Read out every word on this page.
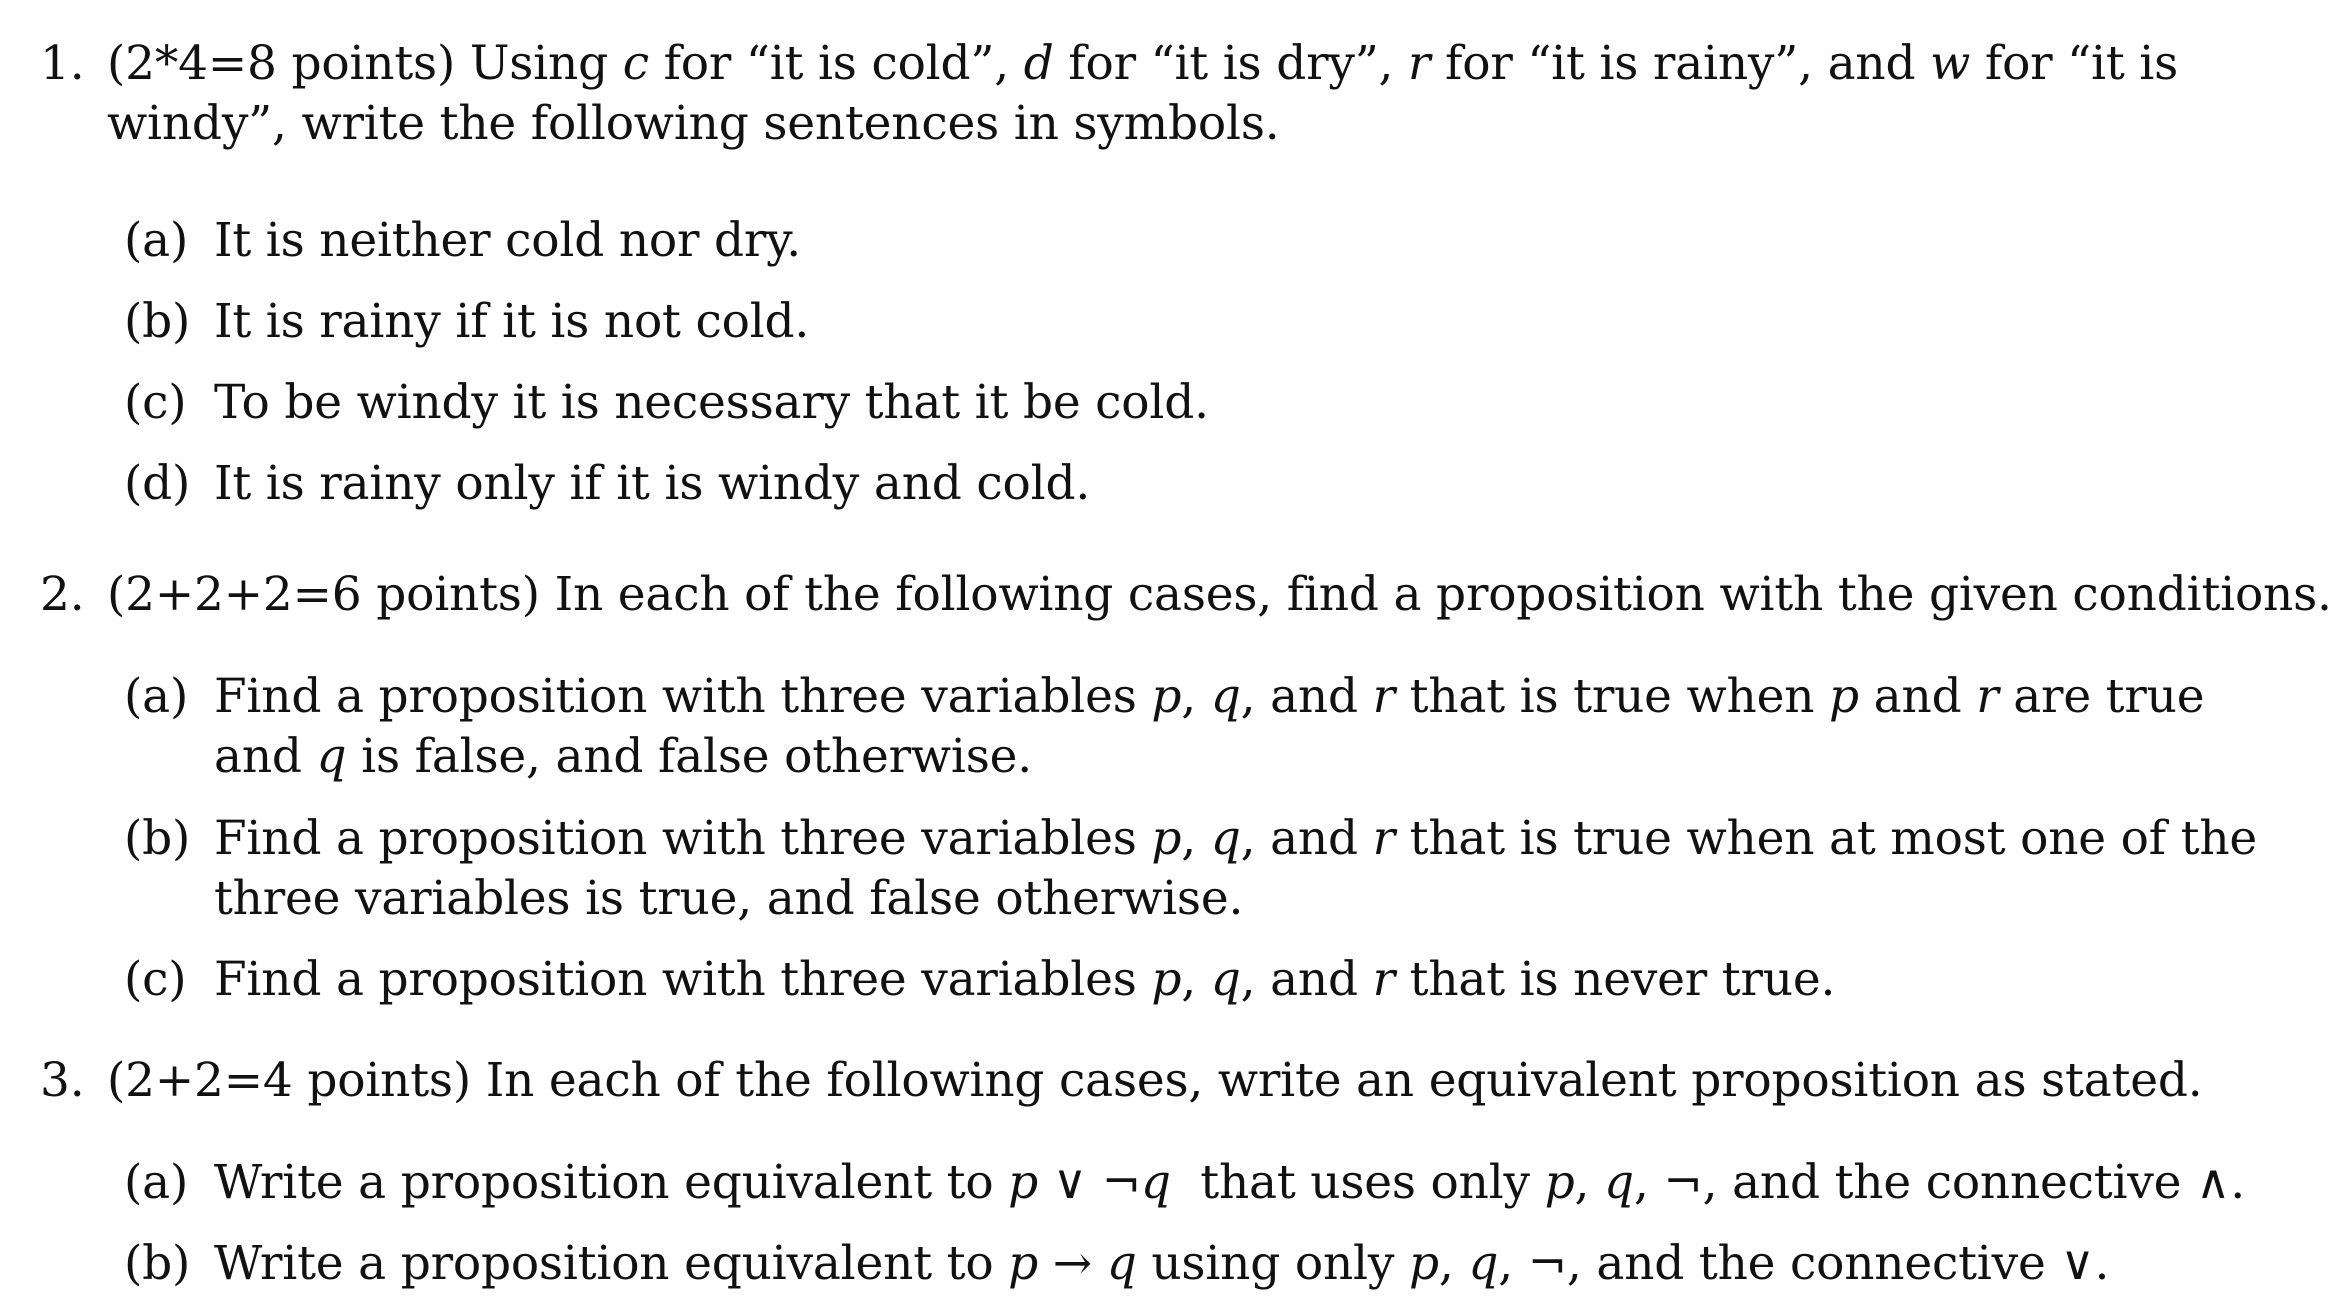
1. (2*4=8 points) Using c for “it is cold”, d for “it is dry”, r for “it is rainy”, and w for “it is
windy”, write the following sentences in symbols.
(a) It is neither cold nor dry.
(b) It is rainy if it is not cold.
(c) To be windy it is necessary that it be cold.
(d) It is rainy only if it is windy and cold.
2. (2+2+2=6 points) In each of the following cases, find a proposition with the given conditions.
(a) Find a proposition with three variables p, q, and r that is true when p and r are true
and q is false, and false otherwise.
(b) Find a proposition with three variables p, q, and r that is true when at most one of the
three variables is true, and false otherwise.
(c) Find a proposition with three variables p, q, and r that is never true.
3. (2+2=4 points) In each of the following cases, write an equivalent proposition as stated.
(a) Write a proposition equivalent to p ∨ ¬q  that uses only p, q, ¬, and the connective ∧.
(b) Write a proposition equivalent to p → q using only p, q, ¬, and the connective ∨.
